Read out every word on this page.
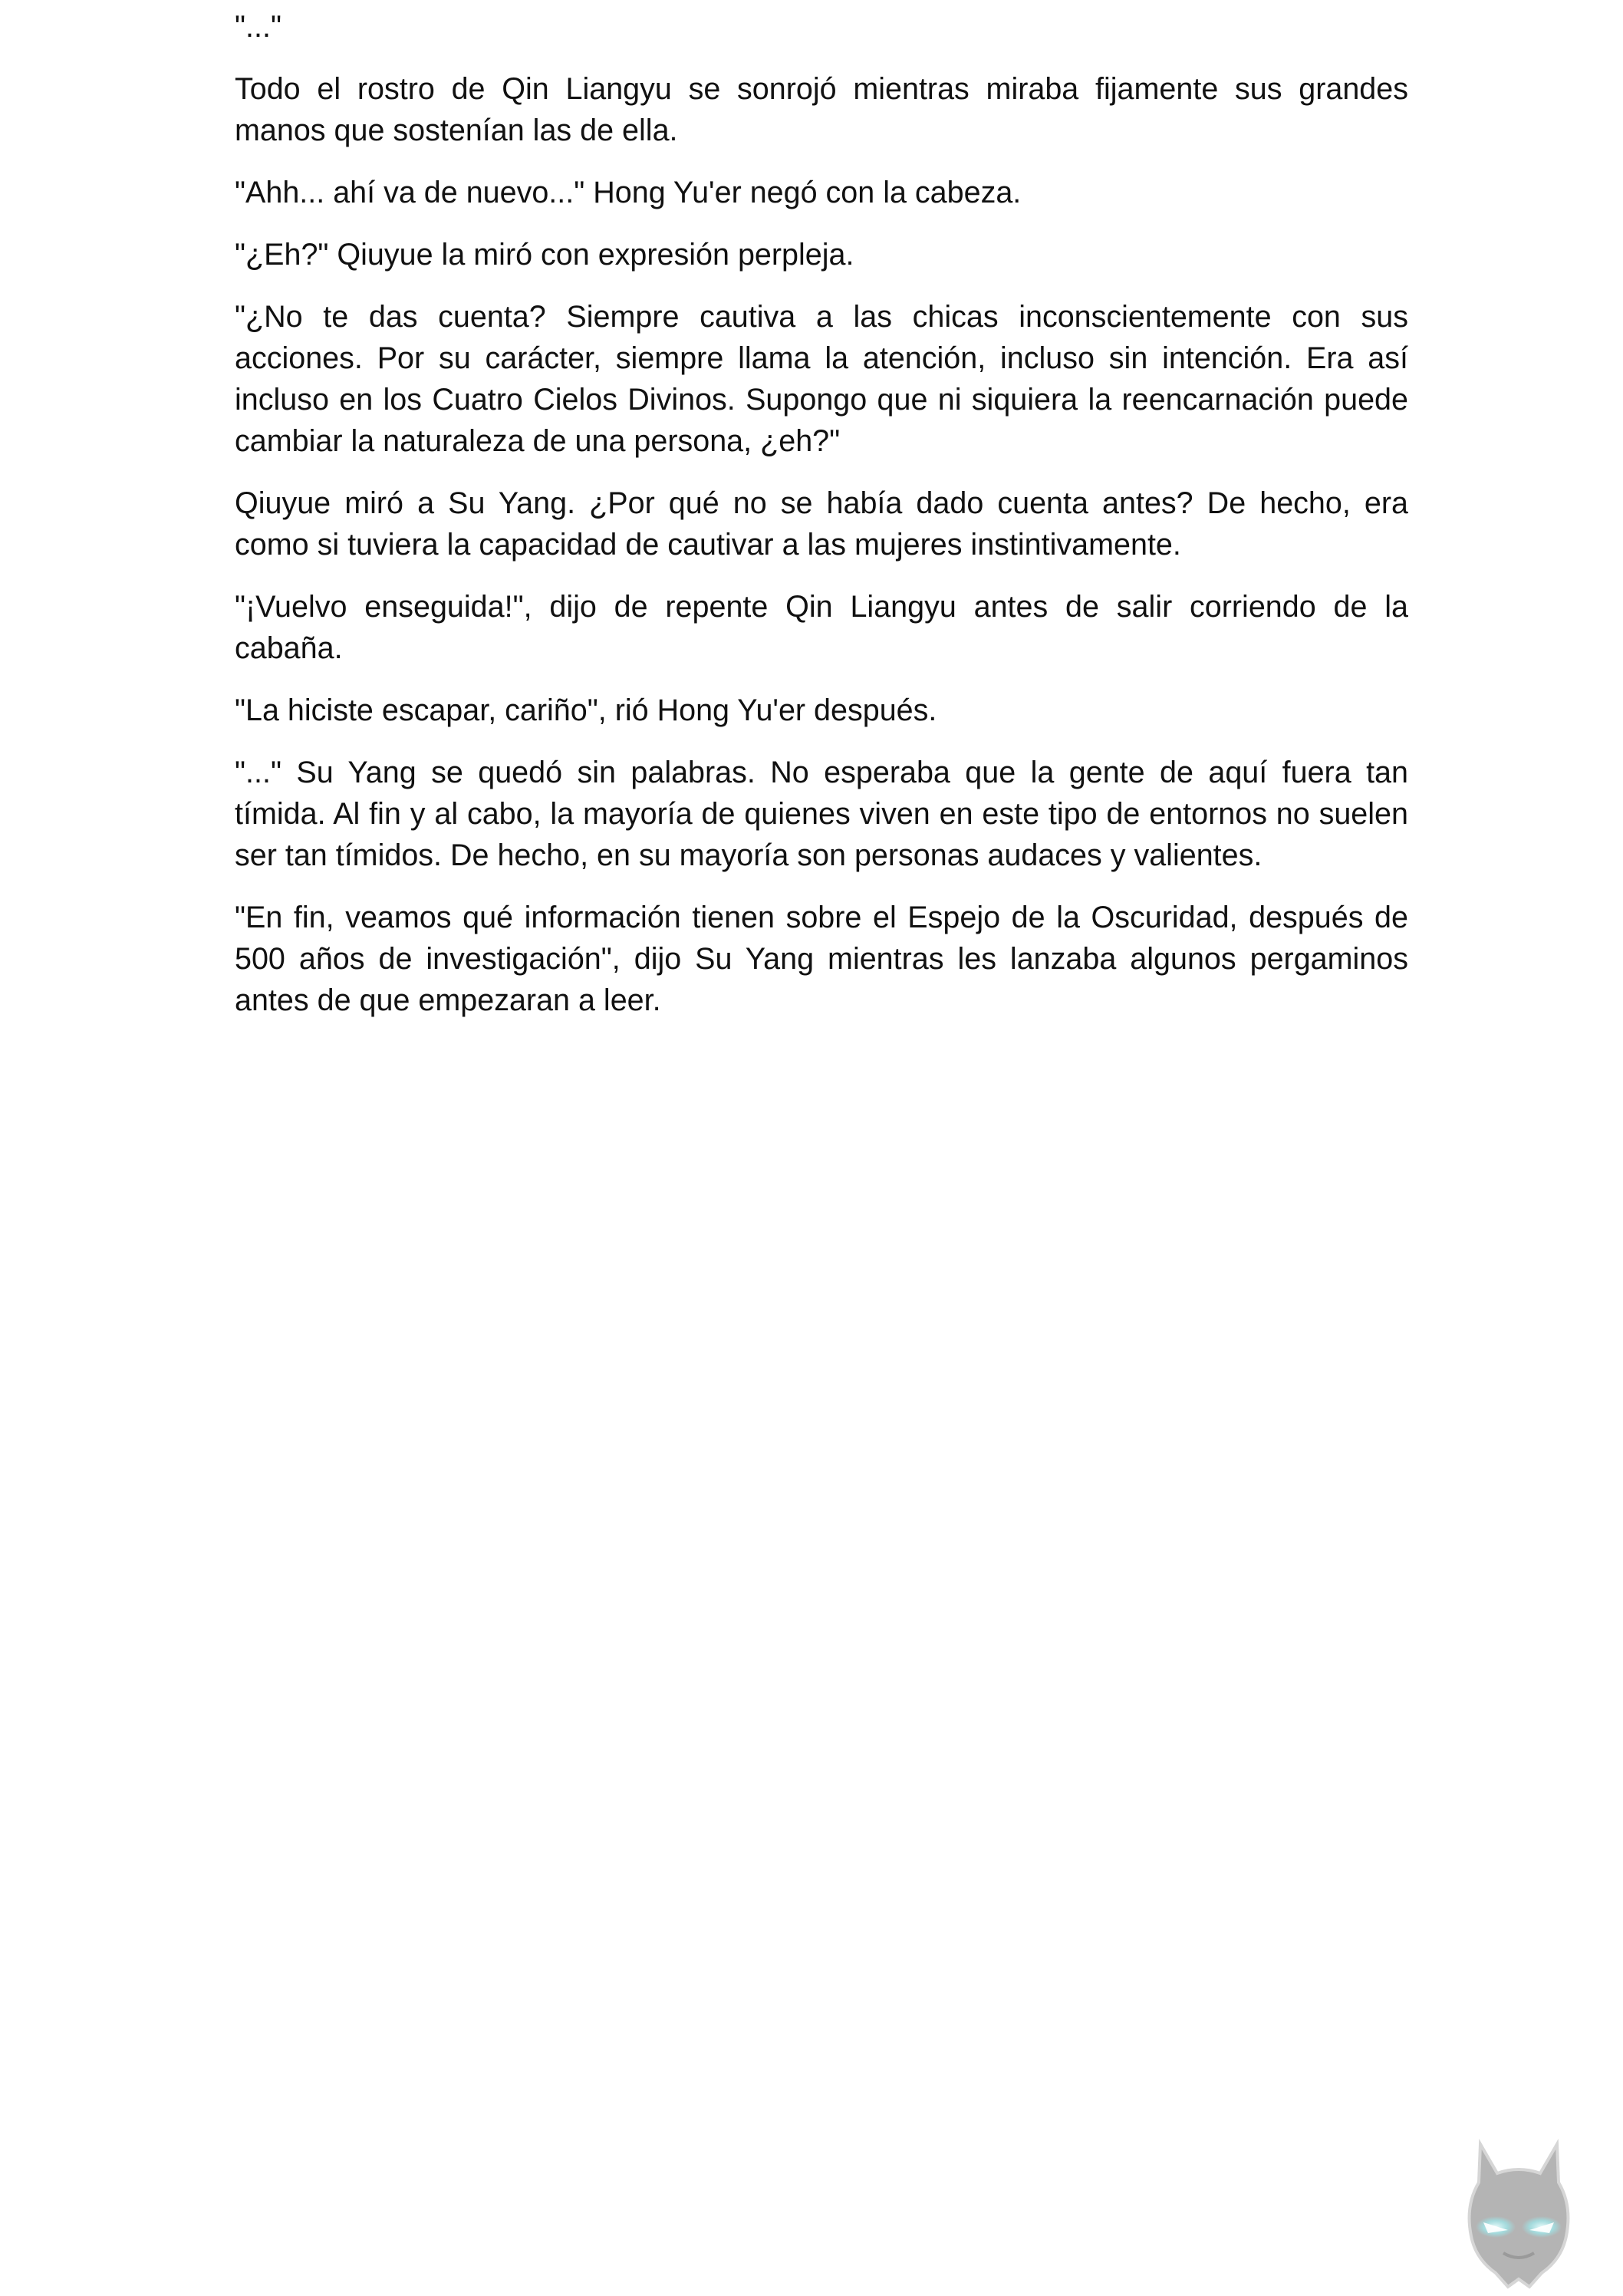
"..."

Todo el rostro de Qin Liangyu se sonrojó mientras miraba fijamente sus grandes manos que sostenían las de ella.

"Ahh... ahí va de nuevo..." Hong Yu'er negó con la cabeza.

"¿Eh?" Qiuyue la miró con expresión perpleja.

"¿No te das cuenta? Siempre cautiva a las chicas inconscientemente con sus acciones. Por su carácter, siempre llama la atención, incluso sin intención. Era así incluso en los Cuatro Cielos Divinos. Supongo que ni siquiera la reencarnación puede cambiar la naturaleza de una persona, ¿eh?"

Qiuyue miró a Su Yang. ¿Por qué no se había dado cuenta antes? De hecho, era como si tuviera la capacidad de cautivar a las mujeres instintivamente.

"¡Vuelvo enseguida!", dijo de repente Qin Liangyu antes de salir corriendo de la cabaña.

"La hiciste escapar, cariño", rió Hong Yu'er después.

"..." Su Yang se quedó sin palabras. No esperaba que la gente de aquí fuera tan tímida. Al fin y al cabo, la mayoría de quienes viven en este tipo de entornos no suelen ser tan tímidos. De hecho, en su mayoría son personas audaces y valientes.

"En fin, veamos qué información tienen sobre el Espejo de la Oscuridad, después de 500 años de investigación", dijo Su Yang mientras les lanzaba algunos pergaminos antes de que empezaran a leer.
